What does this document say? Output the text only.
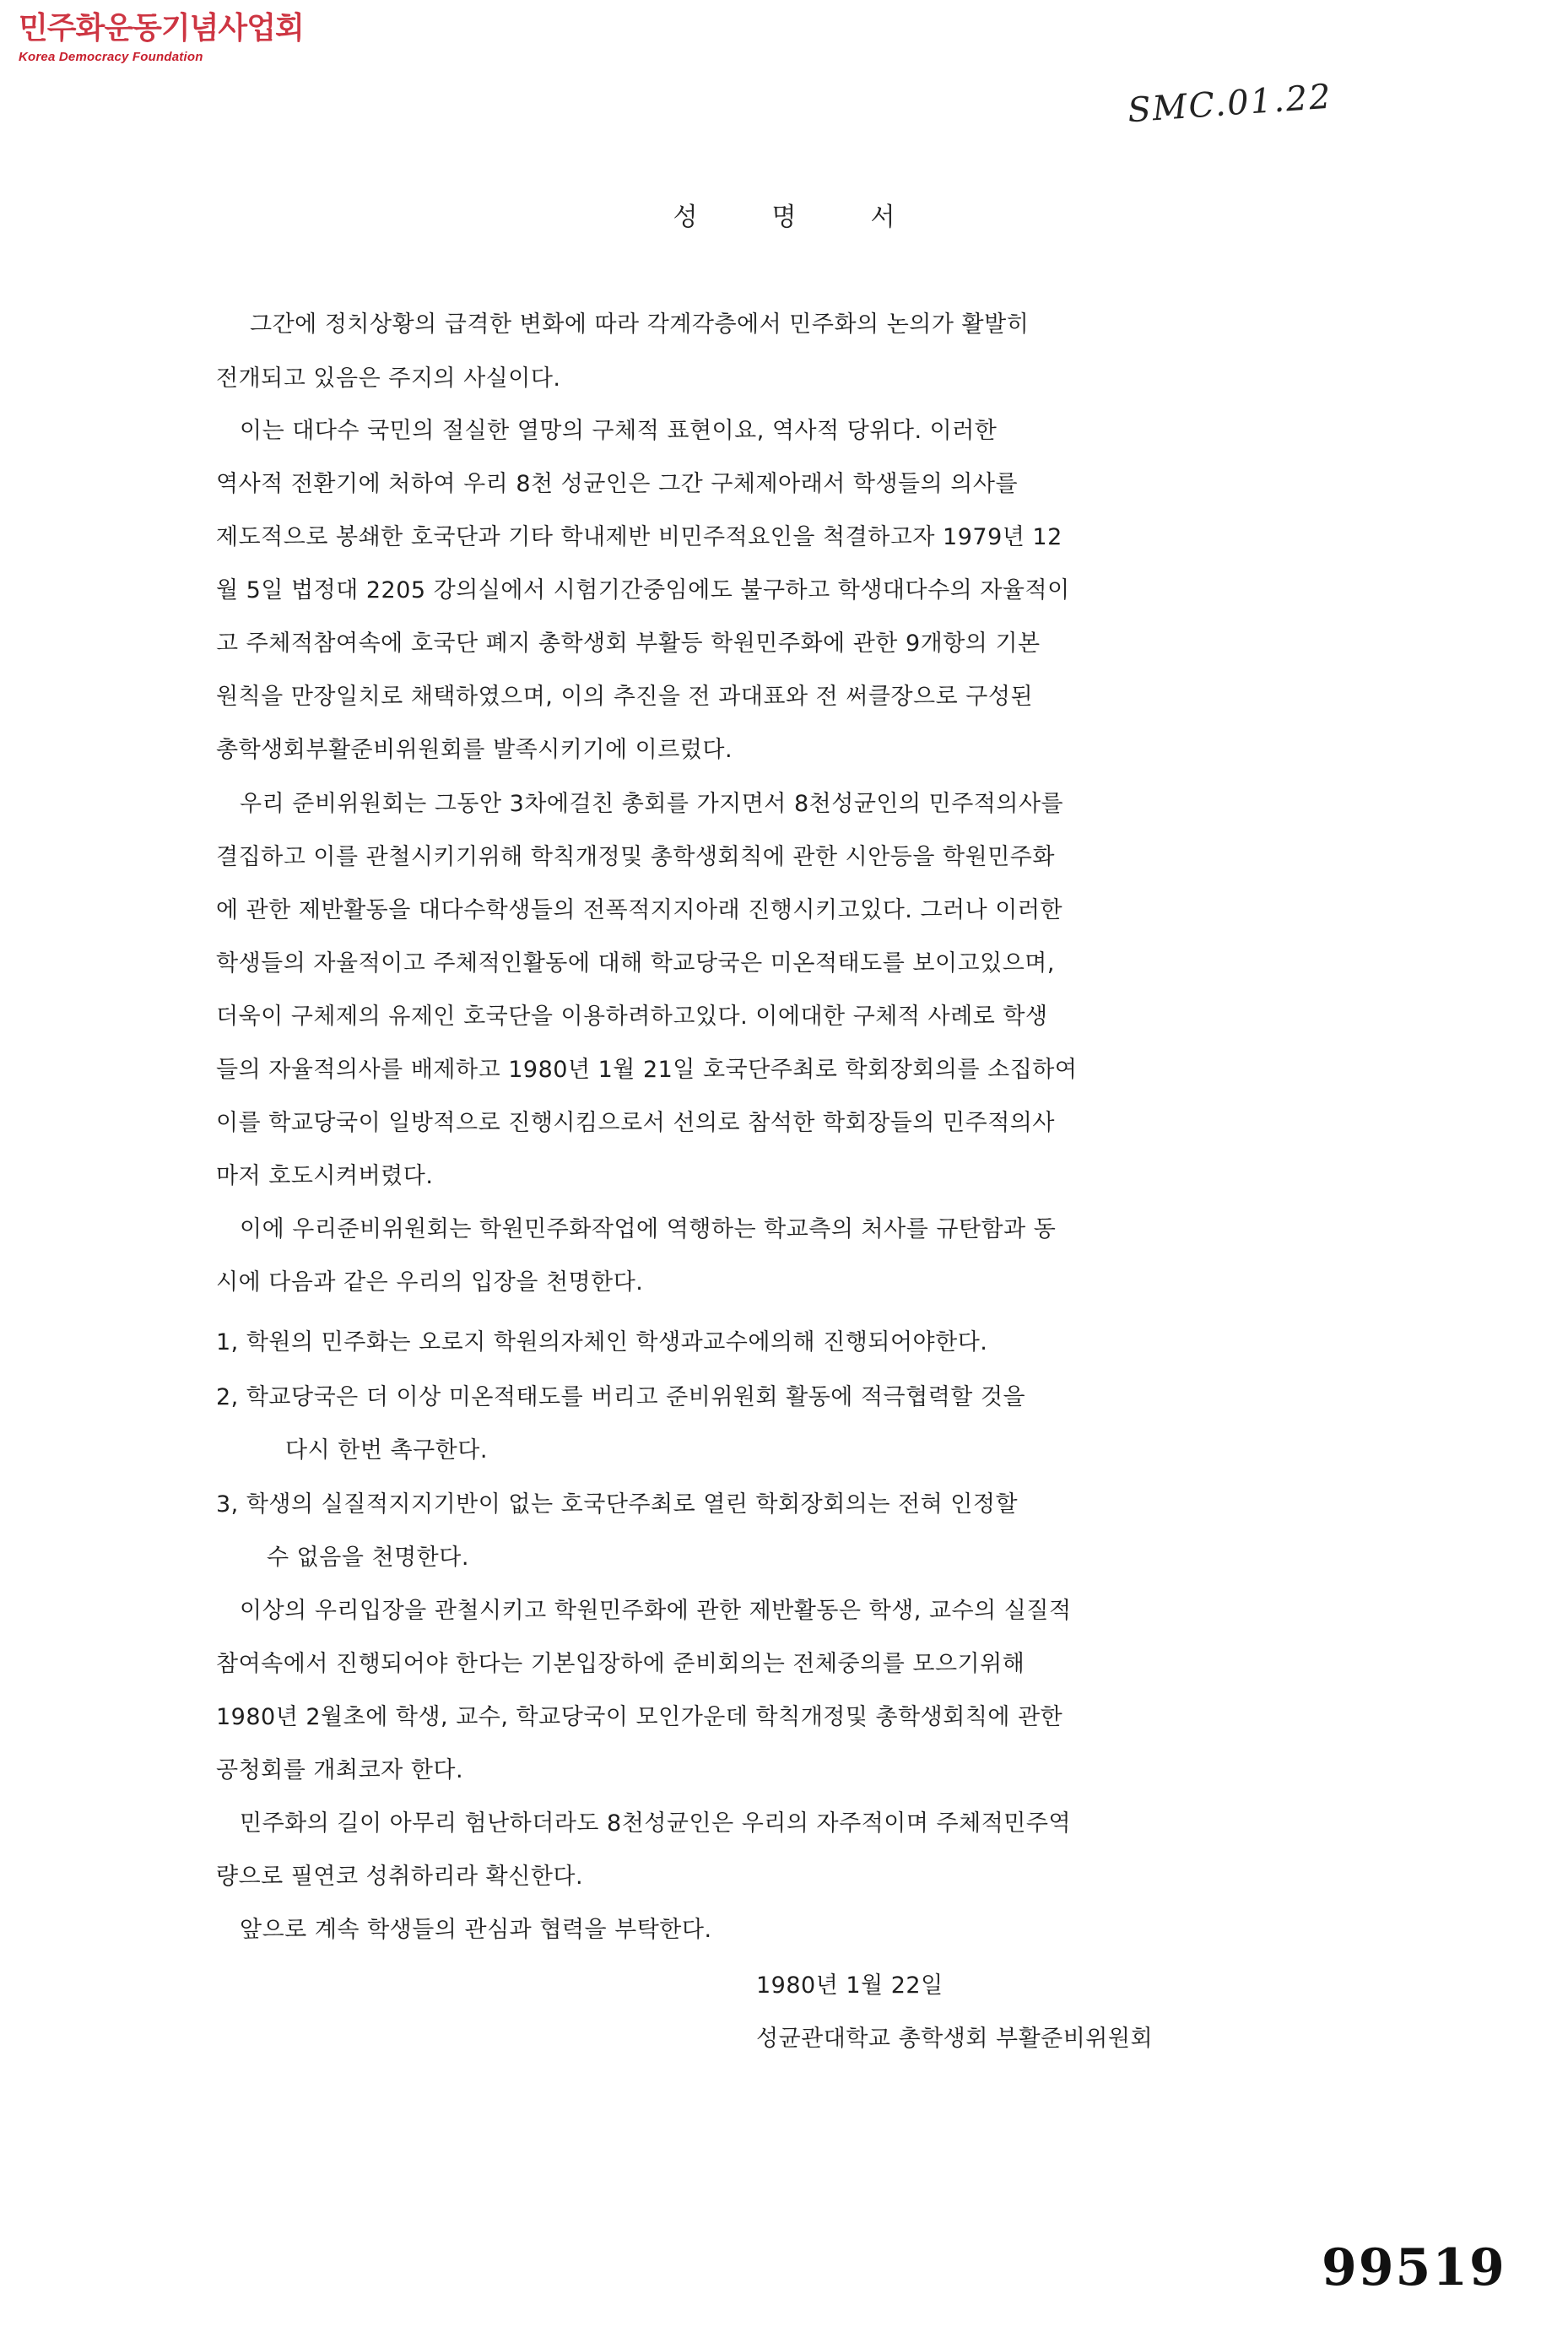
민주화운동기념사업회
Korea Democracy Foundation
SMC.01.22
성명서
그간에 정치상황의 급격한 변화에 따라 각계각층에서 민주화의 논의가 활발히
전개되고 있음은 주지의 사실이다.
이는 대다수 국민의 절실한 열망의 구체적 표현이요, 역사적 당위다. 이러한
역사적 전환기에 처하여 우리 8천 성균인은 그간 구체제아래서 학생들의 의사를
제도적으로 봉쇄한 호국단과 기타 학내제반 비민주적요인을 척결하고자 1979년 12
월 5일 법정대 2205 강의실에서 시험기간중임에도 불구하고 학생대다수의 자율적이
고 주체적참여속에 호국단 폐지 총학생회 부활등 학원민주화에 관한 9개항의 기본
원칙을 만장일치로 채택하였으며, 이의 추진을 전 과대표와 전 써클장으로 구성된
총학생회부활준비위원회를 발족시키기에 이르렀다.
우리 준비위원회는 그동안 3차에걸친 총회를 가지면서 8천성균인의 민주적의사를
결집하고 이를 관철시키기위해 학칙개정및 총학생회칙에 관한 시안등을 학원민주화
에 관한 제반활동을 대다수학생들의 전폭적지지아래 진행시키고있다. 그러나 이러한
학생들의 자율적이고 주체적인활동에 대해 학교당국은 미온적태도를 보이고있으며,
더욱이 구체제의 유제인 호국단을 이용하려하고있다. 이에대한 구체적 사례로 학생
들의 자율적의사를 배제하고 1980년 1월 21일 호국단주최로 학회장회의를 소집하여
이를 학교당국이 일방적으로 진행시킴으로서 선의로 참석한 학회장들의 민주적의사
마저 호도시켜버렸다.
이에 우리준비위원회는 학원민주화작업에 역행하는 학교측의 처사를 규탄함과 동
시에 다음과 같은 우리의 입장을 천명한다.
1, 학원의 민주화는 오로지 학원의자체인 학생과교수에의해 진행되어야한다.
2, 학교당국은 더 이상 미온적태도를 버리고 준비위원회 활동에 적극협력할 것을
다시 한번 촉구한다.
3, 학생의 실질적지지기반이 없는 호국단주최로 열린 학회장회의는 전혀 인정할
수 없음을 천명한다.
이상의 우리입장을 관철시키고 학원민주화에 관한 제반활동은 학생, 교수의 실질적
참여속에서 진행되어야 한다는 기본입장하에 준비회의는 전체중의를 모으기위해
1980년 2월초에 학생, 교수, 학교당국이 모인가운데 학칙개정및 총학생회칙에 관한
공청회를 개최코자 한다.
민주화의 길이 아무리 험난하더라도 8천성균인은 우리의 자주적이며 주체적민주역
량으로 필연코 성취하리라 확신한다.
앞으로 계속 학생들의 관심과 협력을 부탁한다.
1980년 1월 22일
성균관대학교 총학생회 부활준비위원회
99519
